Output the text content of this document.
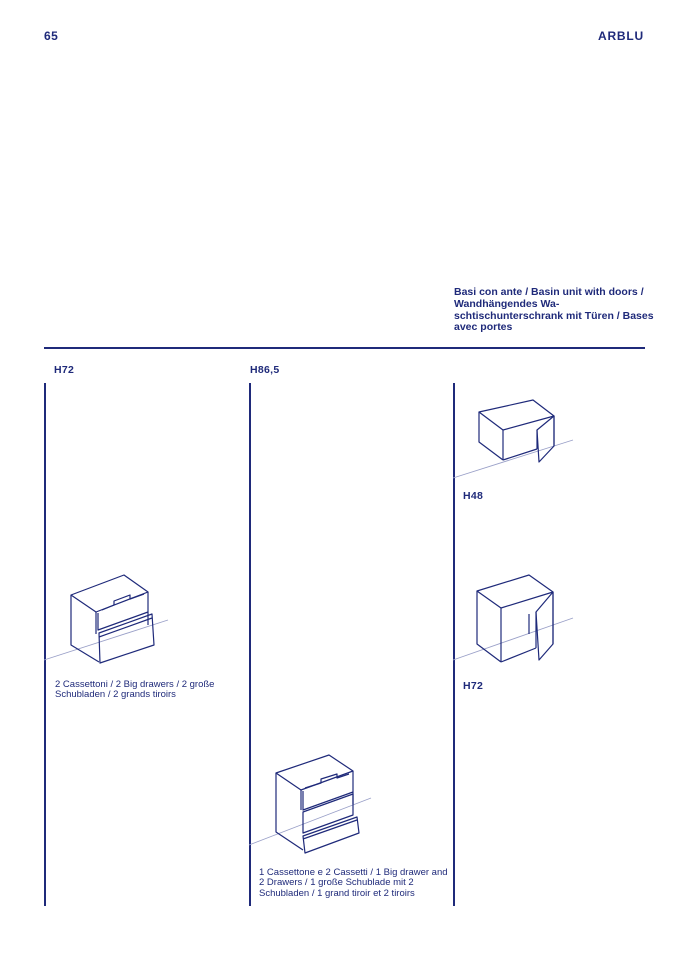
65	ARBLU
Basi con ante / Basin unit with doors / Wandhängendes Wa-schtischunterschrank mit Türen / Bases avec portes
H72	H86,5
H48
H72
2 Cassettoni / 2 Big drawers / 2 große Schubladen / 2 grands tiroirs
1 Cassettone e 2 Cassetti / 1 Big drawer and 2 Drawers / 1 große Schublade mit 2 Schubladen / 1 grand tiroir et 2 tiroirs
